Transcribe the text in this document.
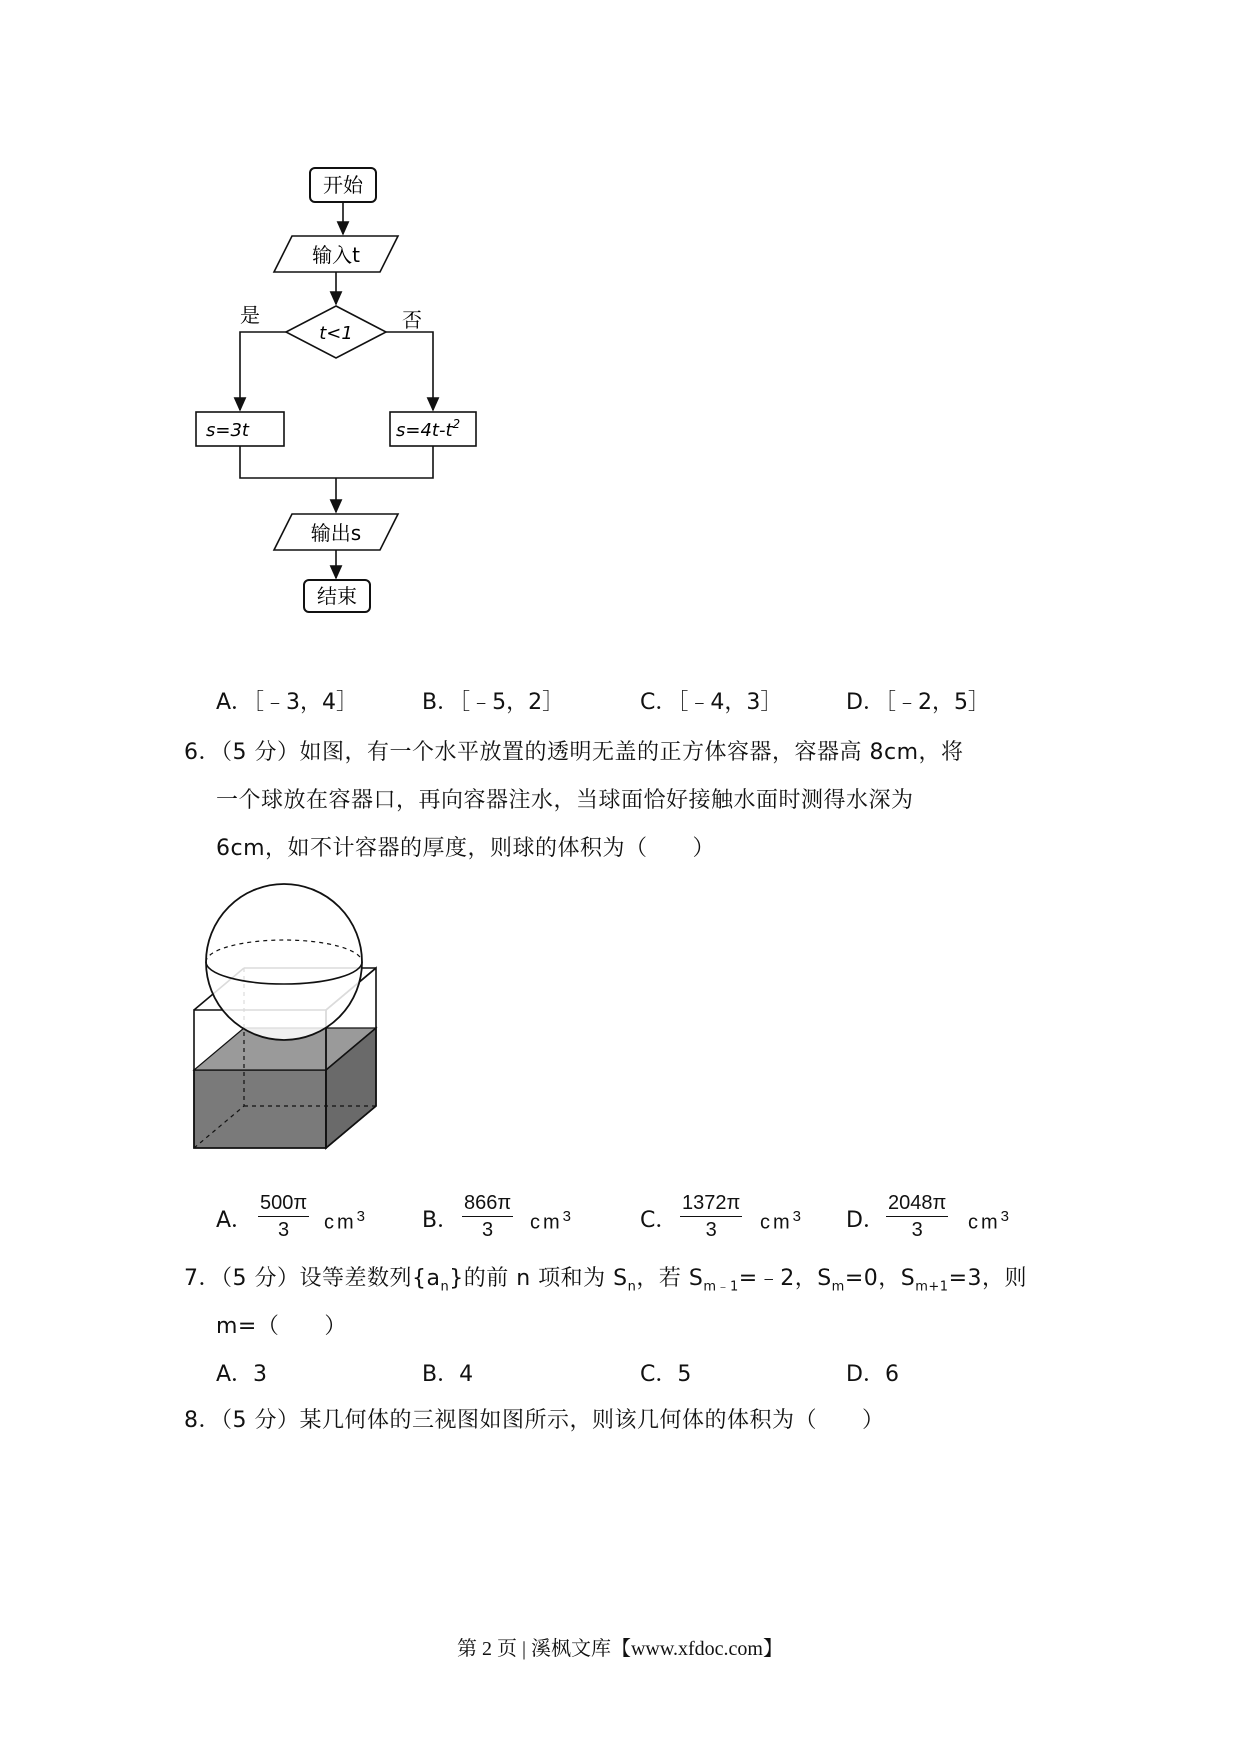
开始
输入t
t<1
是	否
s=3t	$s=4t-t^2$
输出s
结束
A．［﹣3，4］	B．［﹣5，2］	C．［﹣4，3］	D．［﹣2，5］
6．（5 分）如图，有一个水平放置的透明无盖的正方体容器，容器高 8cm，将
一个球放在容器口，再向容器注水，当球面恰好接触水面时测得水深为
6cm，如不计容器的厚度，则球的体积为（　　）
A．
500π
3	$cm^3$	B．
866π
3	$cm^3$	C．
1372π
3	$cm^3$ D．
2048π
3	$cm^3$
7．（5 分）设等差数列$\{a_n\}$的前 n 项和为 $S_n$，若 $S_{m﹣1}=﹣2$，$S_m=0$，$S_{m+1}=3$，则
m=（　　）
A．3	B．4	C．5	D．6
8．（5 分）某几何体的三视图如图所示，则该几何体的体积为（　　）
第 2 页 | 溪枫文库【www.xfdoc.com】
